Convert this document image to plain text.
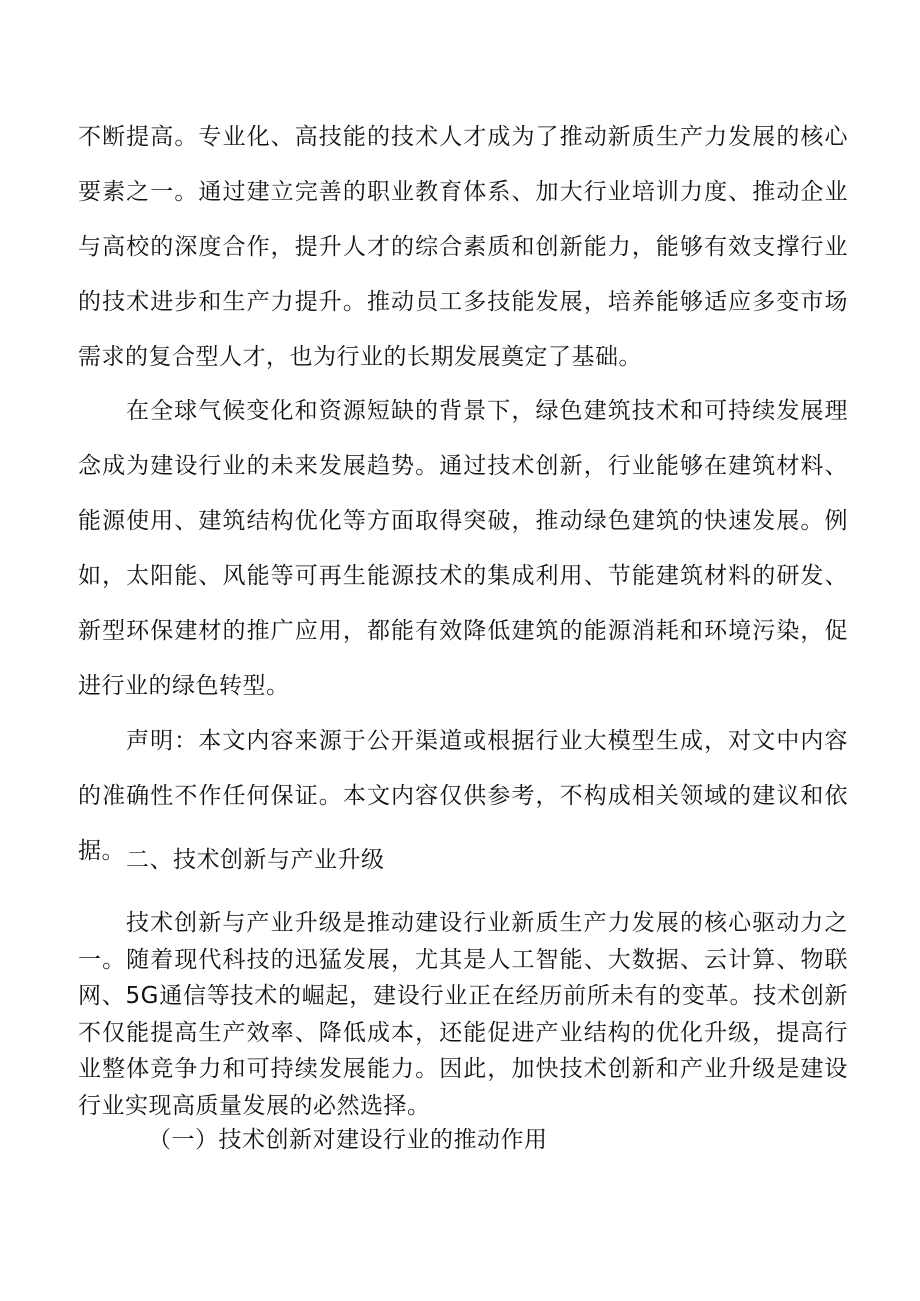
不断提高。专业化、高技能的技术人才成为了推动新质生产力发展的核心要素之一。通过建立完善的职业教育体系、加大行业培训力度、推动企业与高校的深度合作，提升人才的综合素质和创新能力，能够有效支撑行业的技术进步和生产力提升。推动员工多技能发展，培养能够适应多变市场需求的复合型人才，也为行业的长期发展奠定了基础。

在全球气候变化和资源短缺的背景下，绿色建筑技术和可持续发展理念成为建设行业的未来发展趋势。通过技术创新，行业能够在建筑材料、能源使用、建筑结构优化等方面取得突破，推动绿色建筑的快速发展。例如，太阳能、风能等可再生能源技术的集成利用、节能建筑材料的研发、新型环保建材的推广应用，都能有效降低建筑的能源消耗和环境污染，促进行业的绿色转型。

声明：本文内容来源于公开渠道或根据行业大模型生成，对文中内容的准确性不作任何保证。本文内容仅供参考，不构成相关领域的建议和依据。 二、技术创新与产业升级

技术创新与产业升级是推动建设行业新质生产力发展的核心驱动力之一。随着现代科技的迅猛发展，尤其是人工智能、大数据、云计算、物联网、5G通信等技术的崛起，建设行业正在经历前所未有的变革。技术创新不仅能提高生产效率、降低成本，还能促进产业结构的优化升级，提高行业整体竞争力和可持续发展能力。因此，加快技术创新和产业升级是建设行业实现高质量发展的必然选择。

（一）技术创新对建设行业的推动作用
